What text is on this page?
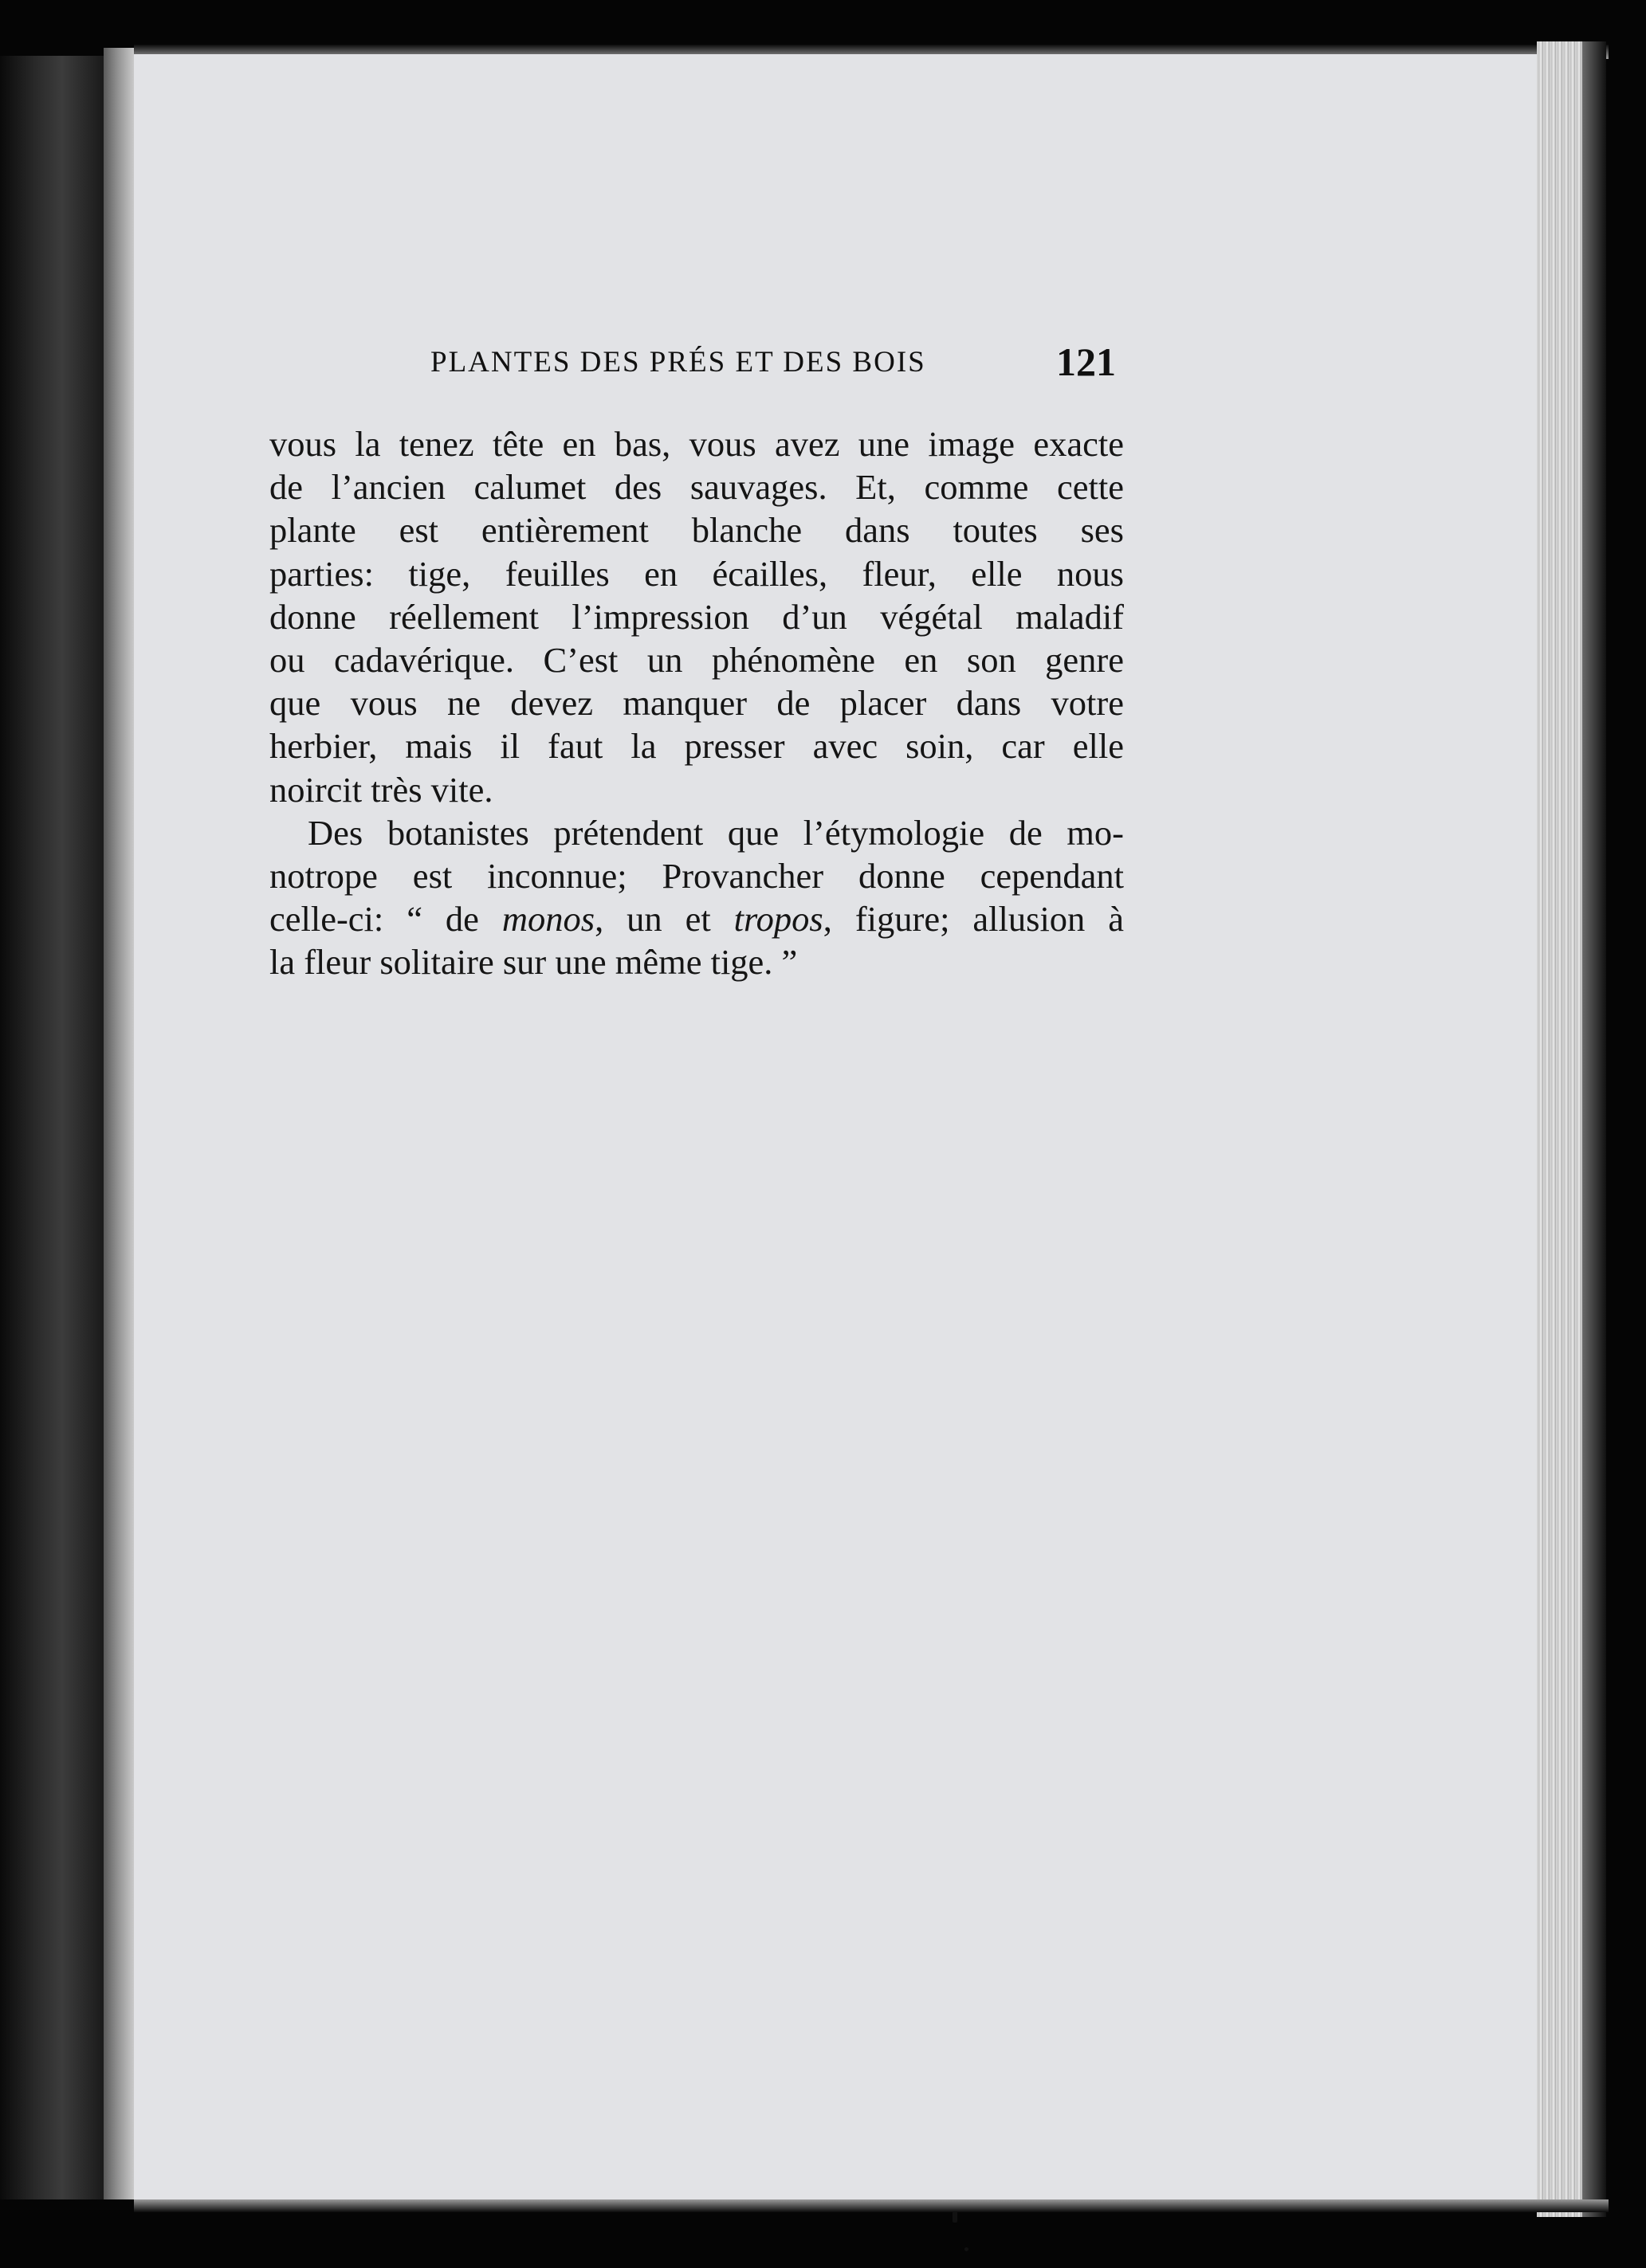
PLANTES DES PRÉS ET DES BOIS	121
vous la tenez tête en bas, vous avez une image exacte
de l’ancien calumet des sauvages. Et, comme cette
plante est entièrement blanche dans toutes ses
parties: tige, feuilles en écailles, fleur, elle nous
donne réellement l’impression d’un végétal maladif
ou cadavérique. C’est un phénomène en son genre
que vous ne devez manquer de placer dans votre
herbier, mais il faut la presser avec soin, car elle
noircit très vite.
Des botanistes prétendent que l’étymologie de mo-
notrope est inconnue; Provancher donne cependant
celle-ci: “ de monos, un et tropos, figure; allusion à
la fleur solitaire sur une même tige. ”
